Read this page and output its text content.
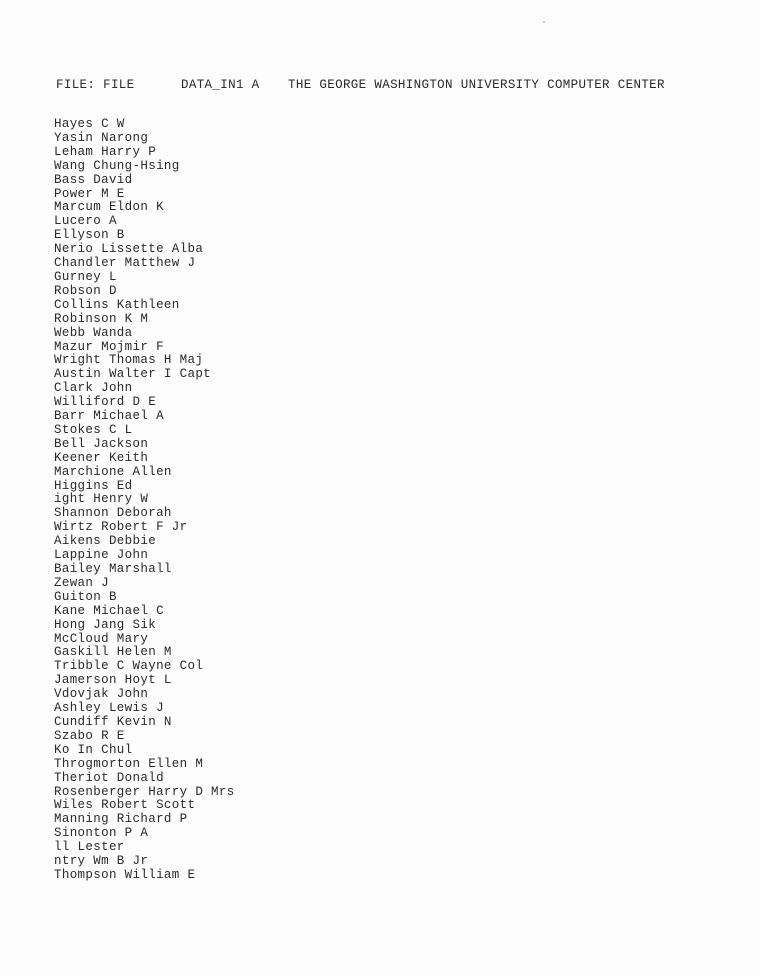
FILE: FILE	DATA_IN1 A THE GEORGE WASHINGTON UNIVERSITY COMPUTER CENTER
Hayes C W
Yasin Narong
Leham Harry P
Wang Chung-Hsing
Bass David
Power M E
Marcum Eldon K
Lucero A
Ellyson B
Nerio Lissette Alba
Chandler Matthew J
Gurney L
Robson D
Collins Kathleen
Robinson K M
Webb Wanda
Mazur Mojmir F
Wright Thomas H Maj
Austin Walter I Capt
Clark John
Williford D E
Barr Michael A
Stokes C L
Bell Jackson
Keener Keith
Marchione Allen
Higgins Ed
ight Henry W
Shannon Deborah
Wirtz Robert F Jr
Aikens Debbie
Lappine John
Bailey Marshall
Zewan J
Guiton B
Kane Michael C
Hong Jang Sik
McCloud Mary
Gaskill Helen M
Tribble C Wayne Col
Jamerson Hoyt L
Vdovjak John
Ashley Lewis J
Cundiff Kevin N
Szabo R E
Ko In Chul
Throgmorton Ellen M
Theriot Donald
Rosenberger Harry D Mrs
Wiles Robert Scott
Manning Richard P
Sinonton P A
ll Lester
ntry Wm B Jr
Thompson William E
